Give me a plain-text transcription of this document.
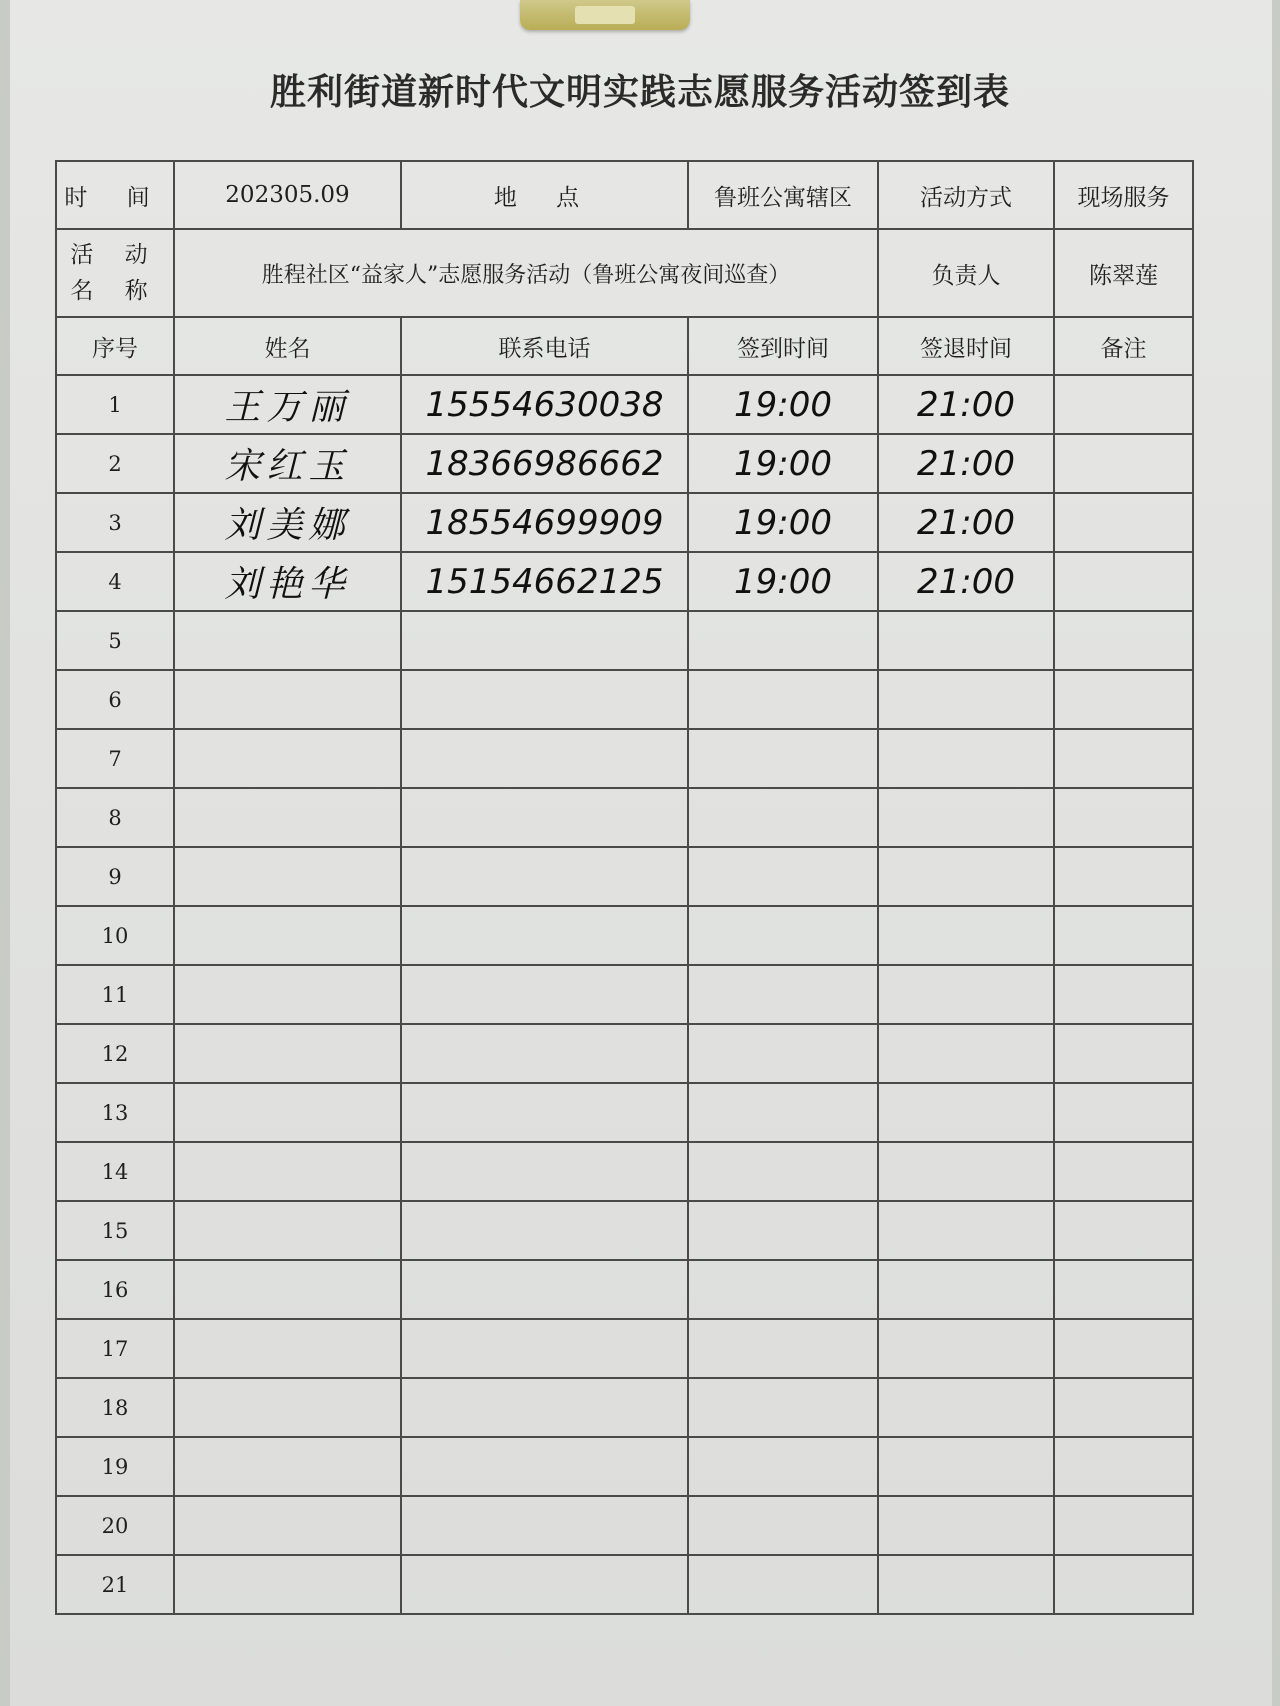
胜利街道新时代文明实践志愿服务活动签到表
时 间	202305.09	地 点	鲁班公寓辖区	活动方式	现场服务

活 动
名 称	胜程社区“益家人”志愿服务活动（鲁班公寓夜间巡查）			负责人	陈翠莲
序号	姓名	联系电话	签到时间	签退时间	备注
1	王万丽	15554630038	19:00	21:00	
2	宋红玉	18366986662	19:00	21:00	
3	刘美娜	18554699909	19:00	21:00	
4	刘艳华	15154662125	19:00	21:00	
5					
6					
7					
8					
9					
10					
11					
12					
13					
14					
15					
16					
17					
18					
19					
20					
21					
